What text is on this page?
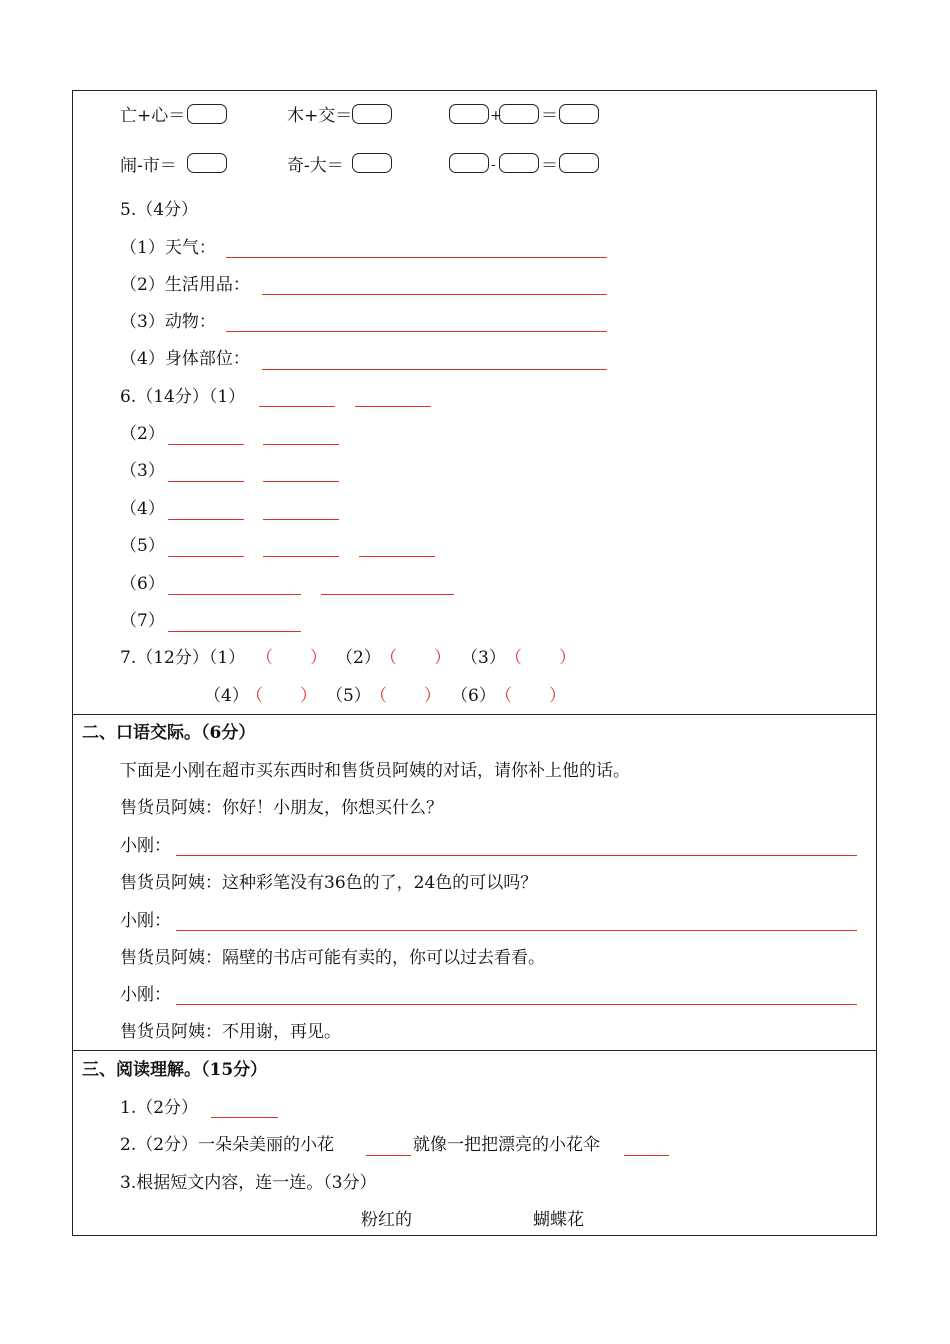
亡+心＝	木+交＝	+ ＝
闹-市＝	奇-大＝	-	＝
5.（4分）
（1）天气：
（2）生活用品：
（3）动物：
（4）身体部位：
6.（14分）（1）
（2）
（3）
（4）
（5）
（6）
（7）
7.（12分）（1） （ ） （2） （ ） （3） （ ）
（4）
（ ） （5） （ ） （6） （ ）
二、口语交际。（6分）
下面是小刚在超市买东西时和售货员阿姨的对话，请你补上他的话。
售货员阿姨：你好！小朋友，你想买什么？
小刚：
售货员阿姨：这种彩笔没有36色的了，24色的可以吗？
小刚：
售货员阿姨：隔壁的书店可能有卖的，你可以过去看看。
小刚：
售货员阿姨：不用谢，再见。
三、阅读理解。（15分）
1.（2分）
2.（2分）一朵朵美丽的小花	就像一把把漂亮的小花伞
3.根据短文内容，连一连。（3分）
粉红的	蝴蝶花
